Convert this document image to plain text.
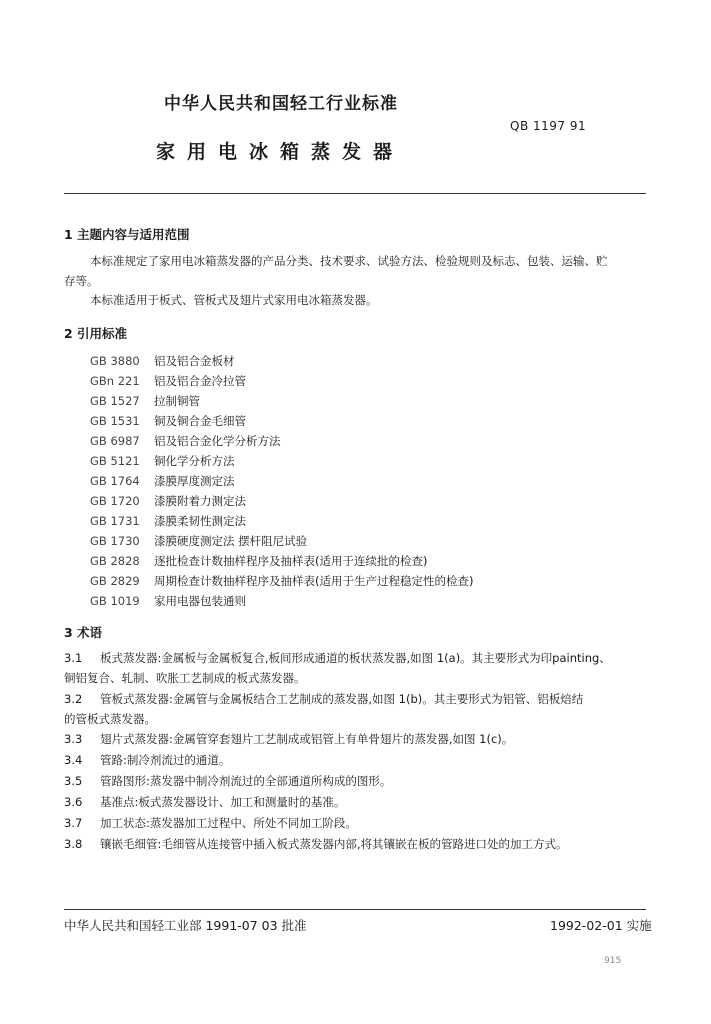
中华人民共和国轻工行业标准
QB 1197 91
家用电冰箱蒸发器
1 主题内容与适用范围
本标准规定了家用电冰箱蒸发器的产品分类、技术要求、试验方法、检验规则及标志、包装、运输、贮
存等。
本标准适用于板式、管板式及翅片式家用电冰箱蒸发器。
2 引用标准
GB 3880 铝及铝合金板材
GBn 221 铝及铝合金冷拉管
GB 1527 拉制铜管
GB 1531 铜及铜合金毛细管
GB 6987 铝及铝合金化学分析方法
GB 5121 铜化学分析方法
GB 1764 漆膜厚度测定法
GB 1720 漆膜附着力测定法
GB 1731 漆膜柔韧性测定法
GB 1730 漆膜硬度测定法 摆杆阻尼试验
GB 2828 逐批检查计数抽样程序及抽样表(适用于连续批的检查)
GB 2829 周期检查计数抽样程序及抽样表(适用于生产过程稳定性的检查)
GB 1019 家用电器包装通则
3 术语
3.1 板式蒸发器:金属板与金属板复合,板间形成通道的板状蒸发器,如图 1(a)。其主要形式为印painting、
铜铝复合、轧制、吹胀工艺制成的板式蒸发器。
3.2 管板式蒸发器:金属管与金属板结合工艺制成的蒸发器,如图 1(b)。其主要形式为铝管、铝板焙结
的管板式蒸发器。
3.3 翅片式蒸发器:金属管穿套翅片工艺制成或铝管上有单骨翅片的蒸发器,如图 1(c)。
3.4 管路:制冷剂流过的通道。
3.5 管路图形:蒸发器中制冷剂流过的全部通道所构成的图形。
3.6 基准点:板式蒸发器设计、加工和测量时的基准。
3.7 加工状态:蒸发器加工过程中、所处不同加工阶段。
3.8 镶嵌毛细管:毛细管从连接管中插入板式蒸发器内部,将其镶嵌在板的管路进口处的加工方式。
中华人民共和国轻工业部 1991-07 03 批准	1992-02-01 实施
915
